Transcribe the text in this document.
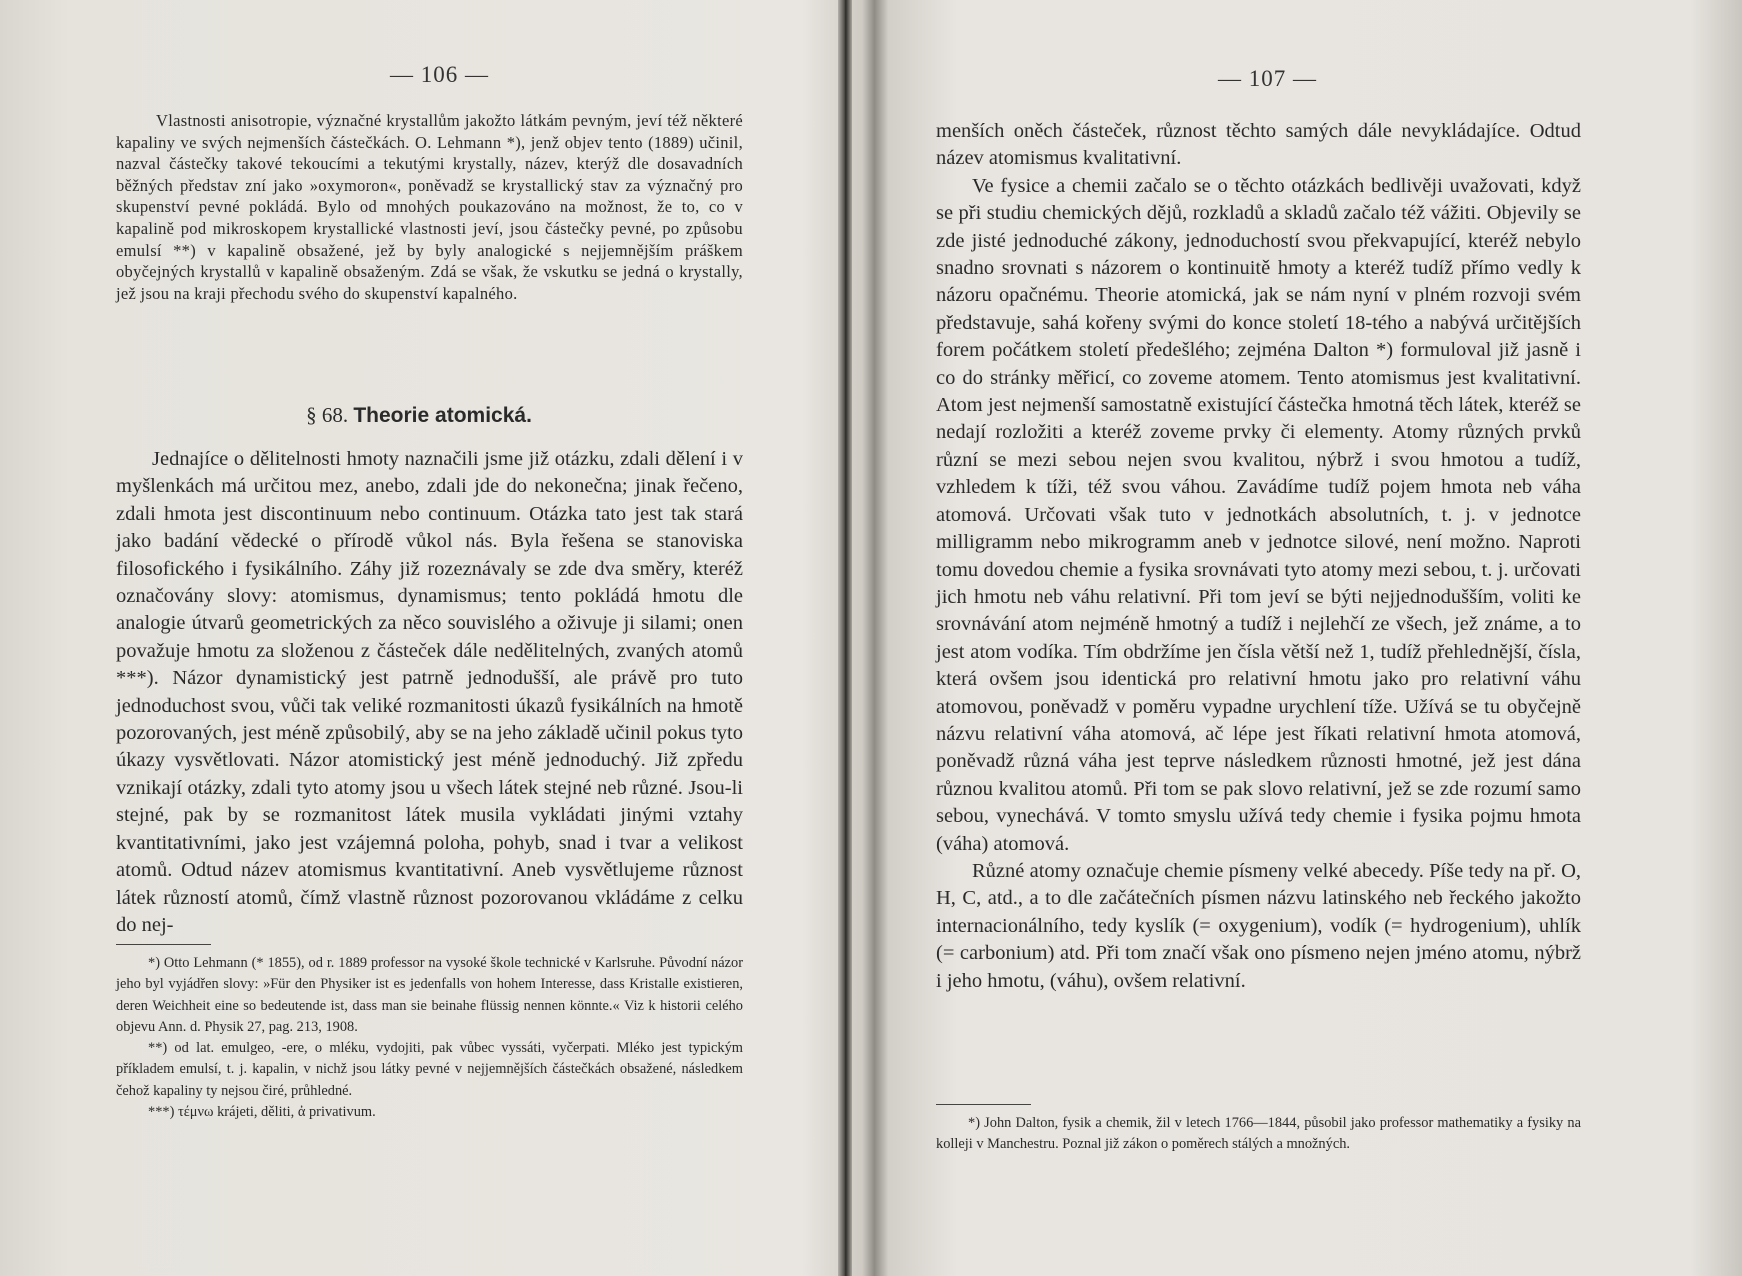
— 106 —

Vlastnosti anisotropie, význačné krystallům jakožto látkám pevným, jeví též některé kapaliny ve svých nejmenších částečkách. O. Lehmann *), jenž objev tento (1889) učinil, nazval částečky takové tekoucími a tekutými krystally, název, kterýž dle dosavadních běžných představ zní jako »oxymoron«, poněvadž se krystallický stav za význačný pro skupenství pevné pokládá. Bylo od mnohých poukazováno na možnost, že to, co v kapalině pod mikroskopem krystallické vlastnosti jeví, jsou částečky pevné, po způsobu emulsí **) v kapalině obsažené, jež by byly analogické s nejjemnějším práškem obyčejných krystallů v kapalině obsaženým. Zdá se však, že vskutku se jedná o krystally, jež jsou na kraji přechodu svého do skupenství kapalného.

§ 68. Theorie atomická.

Jednajíce o dělitelnosti hmoty naznačili jsme již otázku, zdali dělení i v myšlenkách má určitou mez, anebo, zdali jde do nekonečna; jinak řečeno, zdali hmota jest discontinuum nebo continuum. Otázka tato jest tak stará jako badání vědecké o přírodě vůkol nás. Byla řešena se stanoviska filosofického i fysikálního. Záhy již rozeznávaly se zde dva směry, kteréž označovány slovy: atomismus, dynamismus; tento pokládá hmotu dle analogie útvarů geometrických za něco souvislého a oživuje ji silami; onen považuje hmotu za složenou z částeček dále nedělitelných, zvaných atomů ***). Názor dynamistický jest patrně jednodušší, ale právě pro tuto jednoduchost svou, vůči tak veliké rozmanitosti úkazů fysikálních na hmotě pozorovaných, jest méně způsobilý, aby se na jeho základě učinil pokus tyto úkazy vysvětlovati. Názor atomistický jest méně jednoduchý. Již zpředu vznikají otázky, zdali tyto atomy jsou u všech látek stejné neb různé. Jsou-li stejné, pak by se rozmanitost látek musila vykládati jinými vztahy kvantitativními, jako jest vzájemná poloha, pohyb, snad i tvar a velikost atomů. Odtud název atomismus kvantitativní. Aneb vysvětlujeme různost látek růzností atomů, čímž vlastně různost pozorovanou vkládáme z celku do nej-

*) Otto Lehmann (* 1855), od r. 1889 professor na vysoké škole technické v Karlsruhe. Původní názor jeho byl vyjádřen slovy: »Für den Physiker ist es jedenfalls von hohem Interesse, dass Kristalle existieren, deren Weichheit eine so bedeutende ist, dass man sie beinahe flüssig nennen könnte.« Viz k historii celého objevu Ann. d. Physik 27, pag. 213, 1908.

**) od lat. emulgeo, -ere, o mléku, vydojiti, pak vůbec vyssáti, vyčerpati. Mléko jest typickým příkladem emulsí, t. j. kapalin, v nichž jsou látky pevné v nejjemnějších částečkách obsažené, následkem čehož kapaliny ty nejsou čiré, průhledné.

***) τέμνω krájeti, děliti, ἀ privativum.

— 107 —

menších oněch částeček, různost těchto samých dále nevykládajíce. Odtud název atomismus kvalitativní.

Ve fysice a chemii začalo se o těchto otázkách bedlivěji uvažovati, když se při studiu chemických dějů, rozkladů a skladů začalo též vážiti. Objevily se zde jisté jednoduché zákony, jednoduchostí svou překvapující, kteréž nebylo snadno srovnati s názorem o kontinuitě hmoty a kteréž tudíž přímo vedly k názoru opačnému. Theorie atomická, jak se nám nyní v plném rozvoji svém představuje, sahá kořeny svými do konce století 18-tého a nabývá určitějších forem počátkem století předešlého; zejména Dalton *) formuloval již jasně i co do stránky měřicí, co zoveme atomem. Tento atomismus jest kvalitativní. Atom jest nejmenší samostatně existující částečka hmotná těch látek, kteréž se nedají rozložiti a kteréž zoveme prvky či elementy. Atomy různých prvků různí se mezi sebou nejen svou kvalitou, nýbrž i svou hmotou a tudíž, vzhledem k tíži, též svou váhou. Zavádíme tudíž pojem hmota neb váha atomová. Určovati však tuto v jednotkách absolutních, t. j. v jednotce milligramm nebo mikrogramm aneb v jednotce silové, není možno. Naproti tomu dovedou chemie a fysika srovnávati tyto atomy mezi sebou, t. j. určovati jich hmotu neb váhu relativní. Při tom jeví se býti nejjednodušším, voliti ke srovnávání atom nejméně hmotný a tudíž i nejlehčí ze všech, jež známe, a to jest atom vodíka. Tím obdržíme jen čísla větší než 1, tudíž přehlednější, čísla, která ovšem jsou identická pro relativní hmotu jako pro relativní váhu atomovou, poněvadž v poměru vypadne urychlení tíže. Užívá se tu obyčejně názvu relativní váha atomová, ač lépe jest říkati relativní hmota atomová, poněvadž různá váha jest teprve následkem různosti hmotné, jež jest dána různou kvalitou atomů. Při tom se pak slovo relativní, jež se zde rozumí samo sebou, vynechává. V tomto smyslu užívá tedy chemie i fysika pojmu hmota (váha) atomová.

Různé atomy označuje chemie písmeny velké abecedy. Píše tedy na př. O, H, C, atd., a to dle začátečních písmen názvu latinského neb řeckého jakožto internacionálního, tedy kyslík (= oxygenium), vodík (= hydrogenium), uhlík (= carbonium) atd. Při tom značí však ono písmeno nejen jméno atomu, nýbrž i jeho hmotu, (váhu), ovšem relativní.

*) John Dalton, fysik a chemik, žil v letech 1766—1844, působil jako professor mathematiky a fysiky na kolleji v Manchestru. Poznal již zákon o poměrech stálých a množných.
